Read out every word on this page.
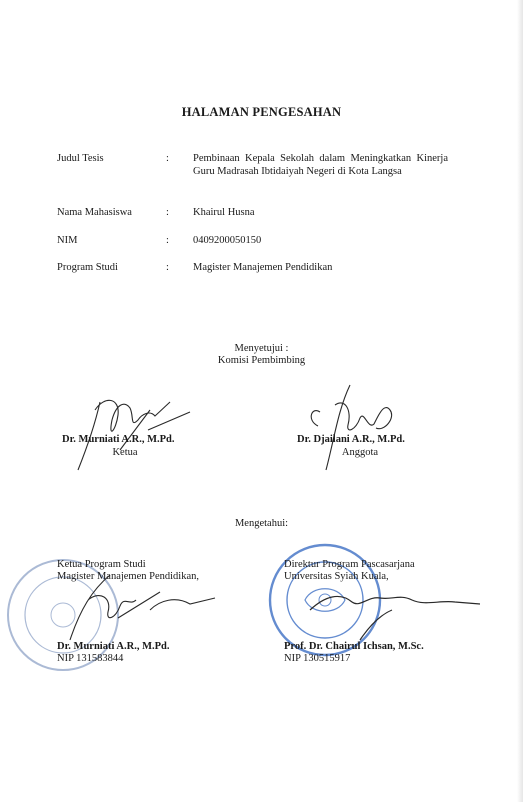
HALAMAN PENGESAHAN
Judul Tesis	: Pembinaan Kepala Sekolah dalam Meningkatkan Kinerja Guru Madrasah Ibtidaiyah Negeri di Kota Langsa
Nama Mahasiswa	: Khairul Husna
NIM	: 0409200050150
Program Studi	: Magister Manajemen Pendidikan
Menyetujui :
Komisi Pembimbing
Dr. Murniati A.R., M.Pd.
Ketua
Dr. Djailani A.R., M.Pd.
Anggota
Mengetahui:
Ketua Program Studi
Magister Manajemen Pendidikan,
Dr. Murniati A.R., M.Pd.
NIP 131583844
Direktur Program Pascasarjana
Universitas Syiah Kuala,
Prof. Dr. Chairul Ichsan, M.Sc.
NIP 130515917
